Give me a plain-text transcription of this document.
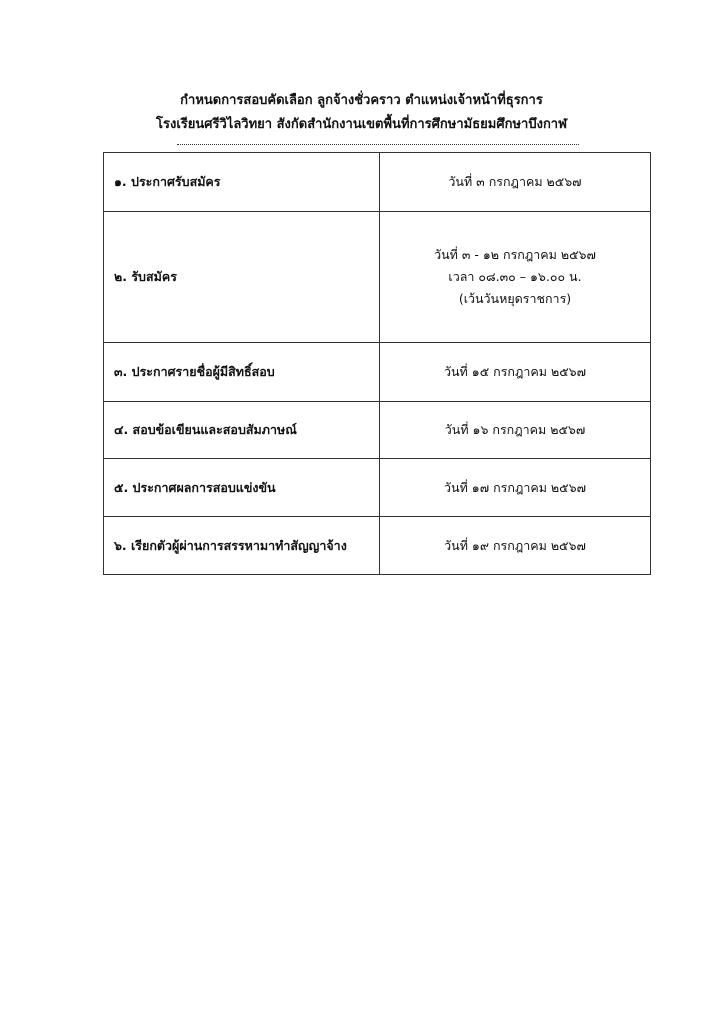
กำหนดการสอบคัดเลือก ลูกจ้างชั่วคราว ตำแหน่งเจ้าหน้าที่ธุรการ
โรงเรียนศรีวิไลวิทยา สังกัดสำนักงานเขตพื้นที่การศึกษามัธยมศึกษาบึงกาฬ
๑. ประกาศรับสมัคร	วันที่ ๓ กรกฎาคม ๒๕๖๗

๒. รับสมัคร	วันที่ ๓ - ๑๒ กรกฎาคม ๒๕๖๗
เวลา ๐๘.๓๐ – ๑๖.๐๐ น.
(เว้นวันหยุดราชการ)

๓. ประกาศรายชื่อผู้มีสิทธิ์สอบ	วันที่ ๑๕ กรกฎาคม ๒๕๖๗

๔. สอบข้อเขียนและสอบสัมภาษณ์	วันที่ ๑๖ กรกฎาคม ๒๕๖๗

๕. ประกาศผลการสอบแข่งขัน	วันที่ ๑๗ กรกฎาคม ๒๕๖๗

๖. เรียกตัวผู้ผ่านการสรรหามาทำสัญญาจ้าง	วันที่ ๑๙ กรกฎาคม ๒๕๖๗
